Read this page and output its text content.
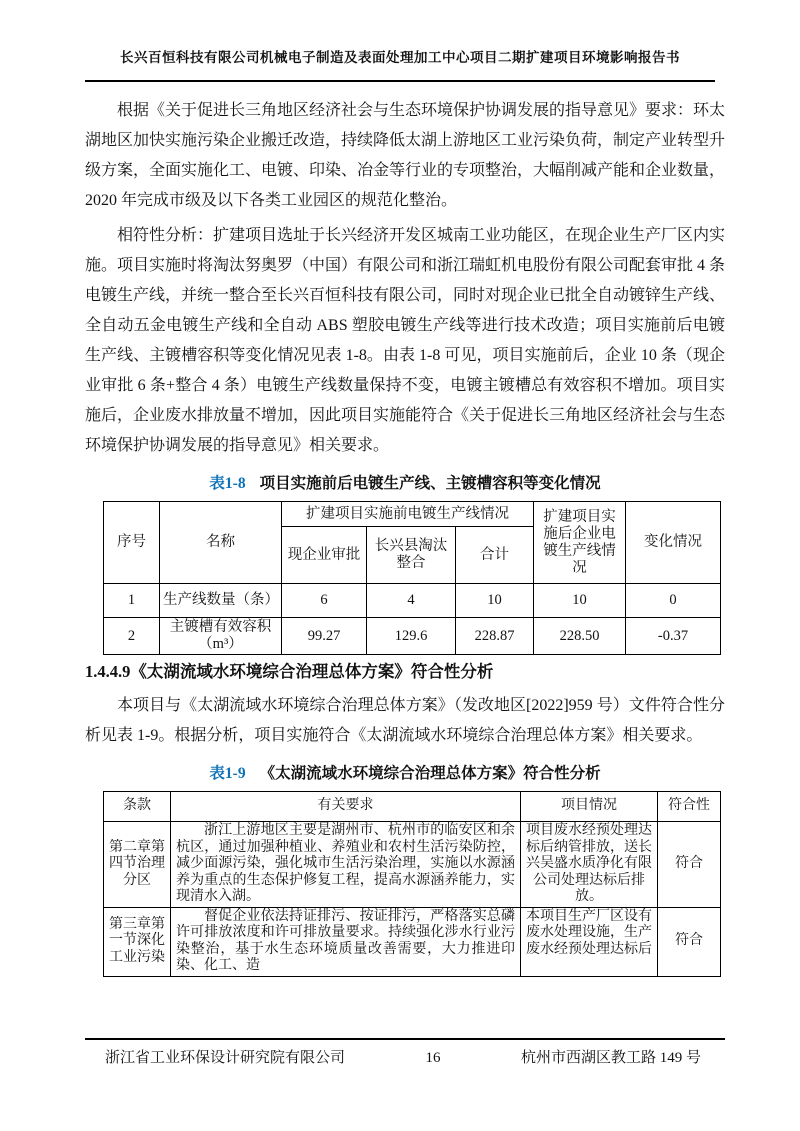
长兴百恒科技有限公司机械电子制造及表面处理加工中心项目二期扩建项目环境影响报告书

根据《关于促进长三角地区经济社会与生态环境保护协调发展的指导意见》要求：环太湖地区加快实施污染企业搬迁改造，持续降低太湖上游地区工业污染负荷，制定产业转型升级方案，全面实施化工、电镀、印染、冶金等行业的专项整治，大幅削减产能和企业数量，2020 年完成市级及以下各类工业园区的规范化整治。

相符性分析：扩建项目选址于长兴经济开发区城南工业功能区，在现企业生产厂区内实施。项目实施时将淘汰努奥罗（中国）有限公司和浙江瑞虹机电股份有限公司配套审批 4 条电镀生产线，并统一整合至长兴百恒科技有限公司，同时对现企业已批全自动镀锌生产线、全自动五金电镀生产线和全自动 ABS 塑胶电镀生产线等进行技术改造；项目实施前后电镀生产线、主镀槽容积等变化情况见表 1-8。由表 1-8 可见，项目实施前后，企业 10 条（现企业审批 6 条+整合 4 条）电镀生产线数量保持不变，电镀主镀槽总有效容积不增加。项目实施后，企业废水排放量不增加，因此项目实施能符合《关于促进长三角地区经济社会与生态环境保护协调发展的指导意见》相关要求。

表1-8 项目实施前后电镀生产线、主镀槽容积等变化情况
序号	名称	扩建项目实施前电镀生产线情况			扩建项目实施后企业电镀生产线情况	变化情况
		现企业审批	长兴县淘汰整合	合计		
1	生产线数量（条）	6	4	10	10	0
2	主镀槽有效容积（m³）	99.27	129.6	228.87	228.50	-0.37
1.4.4.9《太湖流域水环境综合治理总体方案》符合性分析

本项目与《太湖流域水环境综合治理总体方案》（发改地区[2022]959 号）文件符合性分析见表 1-9。根据分析，项目实施符合《太湖流域水环境综合治理总体方案》相关要求。

表1-9 《太湖流域水环境综合治理总体方案》符合性分析
条款	有关要求	项目情况	符合性
第二章第四节治理分区	浙江上游地区主要是湖州市、杭州市的临安区和余杭区，通过加强种植业、养殖业和农村生活污染防控，减少面源污染，强化城市生活污染治理，实施以水源涵养为重点的生态保护修复工程，提高水源涵养能力，实现清水入湖。	项目废水经预处理达标后纳管排放，送长兴吴盛水质净化有限公司处理达标后排放。	符合
第三章第一节深化工业污染	督促企业依法持证排污、按证排污，严格落实总磷许可排放浓度和许可排放量要求。持续强化涉水行业污染整治，基于水生态环境质量改善需要，大力推进印染、化工、造	本项目生产厂区设有废水处理设施，生产废水经预处理达标后	符合
浙江省工业环保设计研究院有限公司	16	杭州市西湖区教工路 149 号
